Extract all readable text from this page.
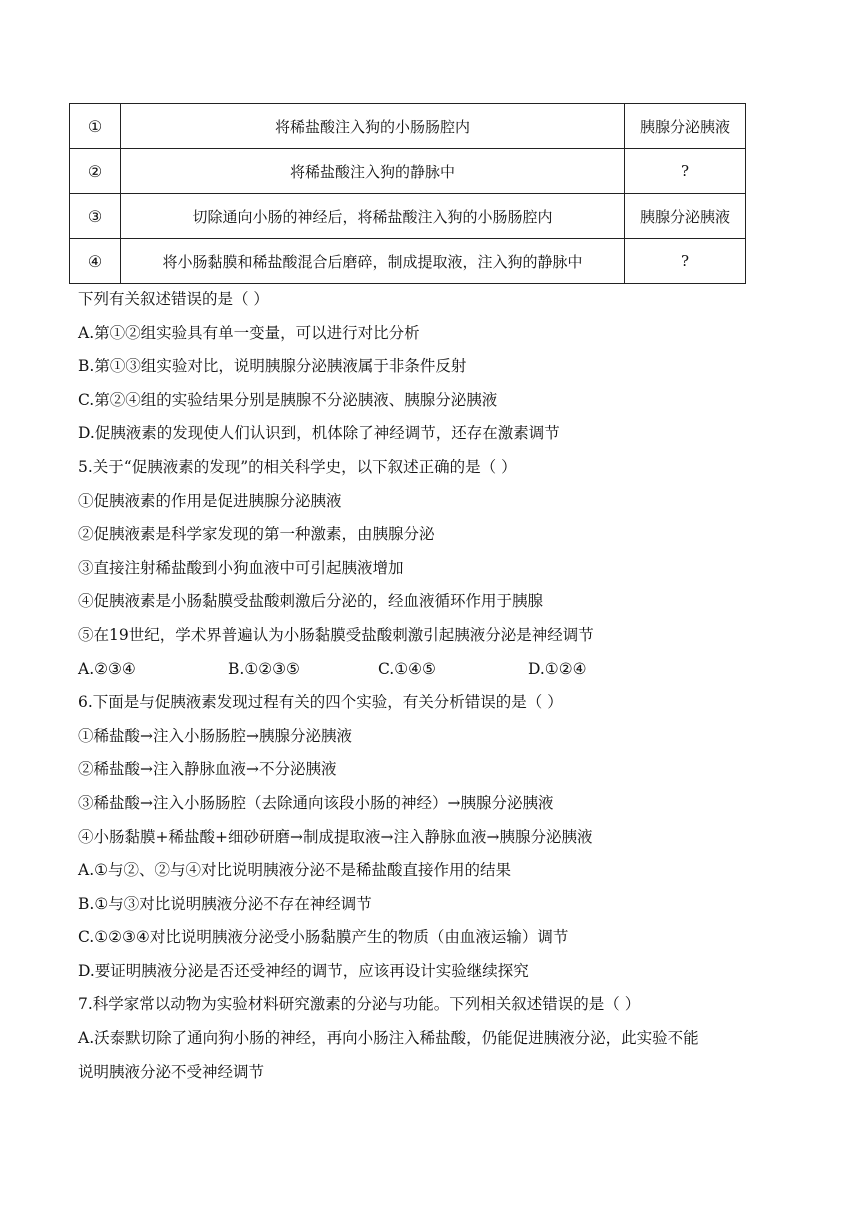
①	将稀盐酸注入狗的小肠肠腔内	胰腺分泌胰液
②	将稀盐酸注入狗的静脉中	?
③	切除通向小肠的神经后，将稀盐酸注入狗的小肠肠腔内	胰腺分泌胰液
④	将小肠黏膜和稀盐酸混合后磨碎，制成提取液，注入狗的静脉中	?
下列有关叙述错误的是（ ）
A.第①②组实验具有单一变量，可以进行对比分析
B.第①③组实验对比，说明胰腺分泌胰液属于非条件反射
C.第②④组的实验结果分别是胰腺不分泌胰液、胰腺分泌胰液
D.促胰液素的发现使人们认识到，机体除了神经调节，还存在激素调节
5.关于“促胰液素的发现”的相关科学史，以下叙述正确的是（ ）
①促胰液素的作用是促进胰腺分泌胰液
②促胰液素是科学家发现的第一种激素，由胰腺分泌
③直接注射稀盐酸到小狗血液中可引起胰液增加
④促胰液素是小肠黏膜受盐酸刺激后分泌的，经血液循环作用于胰腺
⑤在19世纪，学术界普遍认为小肠黏膜受盐酸刺激引起胰液分泌是神经调节
A.②③④	B.①②③⑤	C.①④⑤	D.①②④
6.下面是与促胰液素发现过程有关的四个实验，有关分析错误的是（ ）
①稀盐酸→注入小肠肠腔→胰腺分泌胰液
②稀盐酸→注入静脉血液→不分泌胰液
③稀盐酸→注入小肠肠腔（去除通向该段小肠的神经）→胰腺分泌胰液
④小肠黏膜+稀盐酸+细砂研磨→制成提取液→注入静脉血液→胰腺分泌胰液
A.①与②、②与④对比说明胰液分泌不是稀盐酸直接作用的结果
B.①与③对比说明胰液分泌不存在神经调节
C.①②③④对比说明胰液分泌受小肠黏膜产生的物质（由血液运输）调节
D.要证明胰液分泌是否还受神经的调节，应该再设计实验继续探究
7.科学家常以动物为实验材料研究激素的分泌与功能。下列相关叙述错误的是（ ）
A.沃泰默切除了通向狗小肠的神经，再向小肠注入稀盐酸，仍能促进胰液分泌，此实验不能
说明胰液分泌不受神经调节
